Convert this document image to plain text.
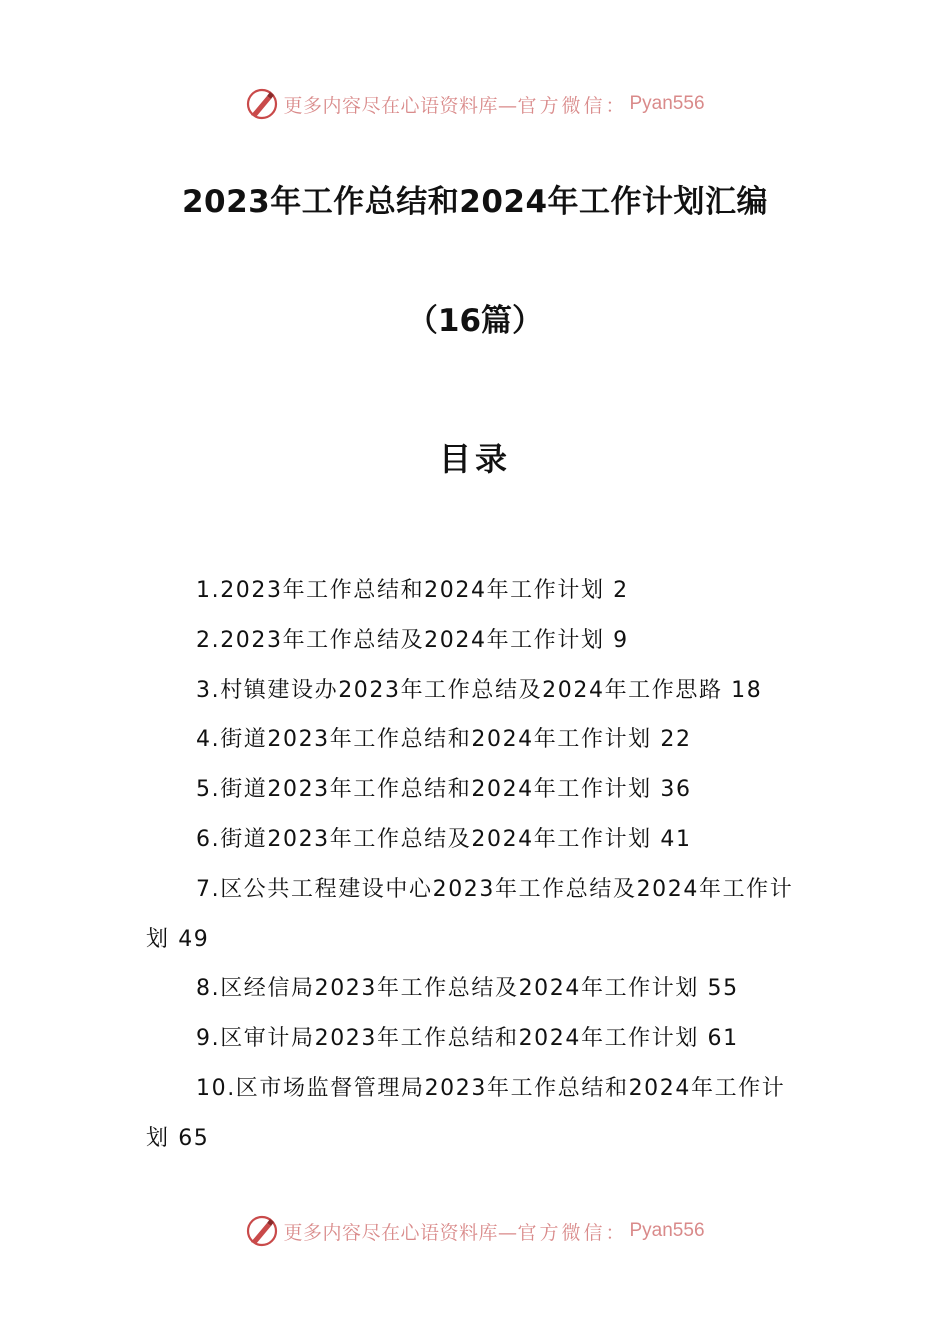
更多内容尽在心语资料库— 官方微信： Pyan556
2023年工作总结和2024年工作计划汇编
（16篇）
目录
1.2023年工作总结和2024年工作计划 2
2.2023年工作总结及2024年工作计划 9
3.村镇建设办2023年工作总结及2024年工作思路 18
4.街道2023年工作总结和2024年工作计划 22
5.街道2023年工作总结和2024年工作计划 36
6.街道2023年工作总结及2024年工作计划 41
7.区公共工程建设中心2023年工作总结及2024年工作计划 49
8.区经信局2023年工作总结及2024年工作计划 55
9.区审计局2023年工作总结和2024年工作计划 61
10.区市场监督管理局2023年工作总结和2024年工作计划 65
更多内容尽在心语资料库— 官方微信： Pyan556
